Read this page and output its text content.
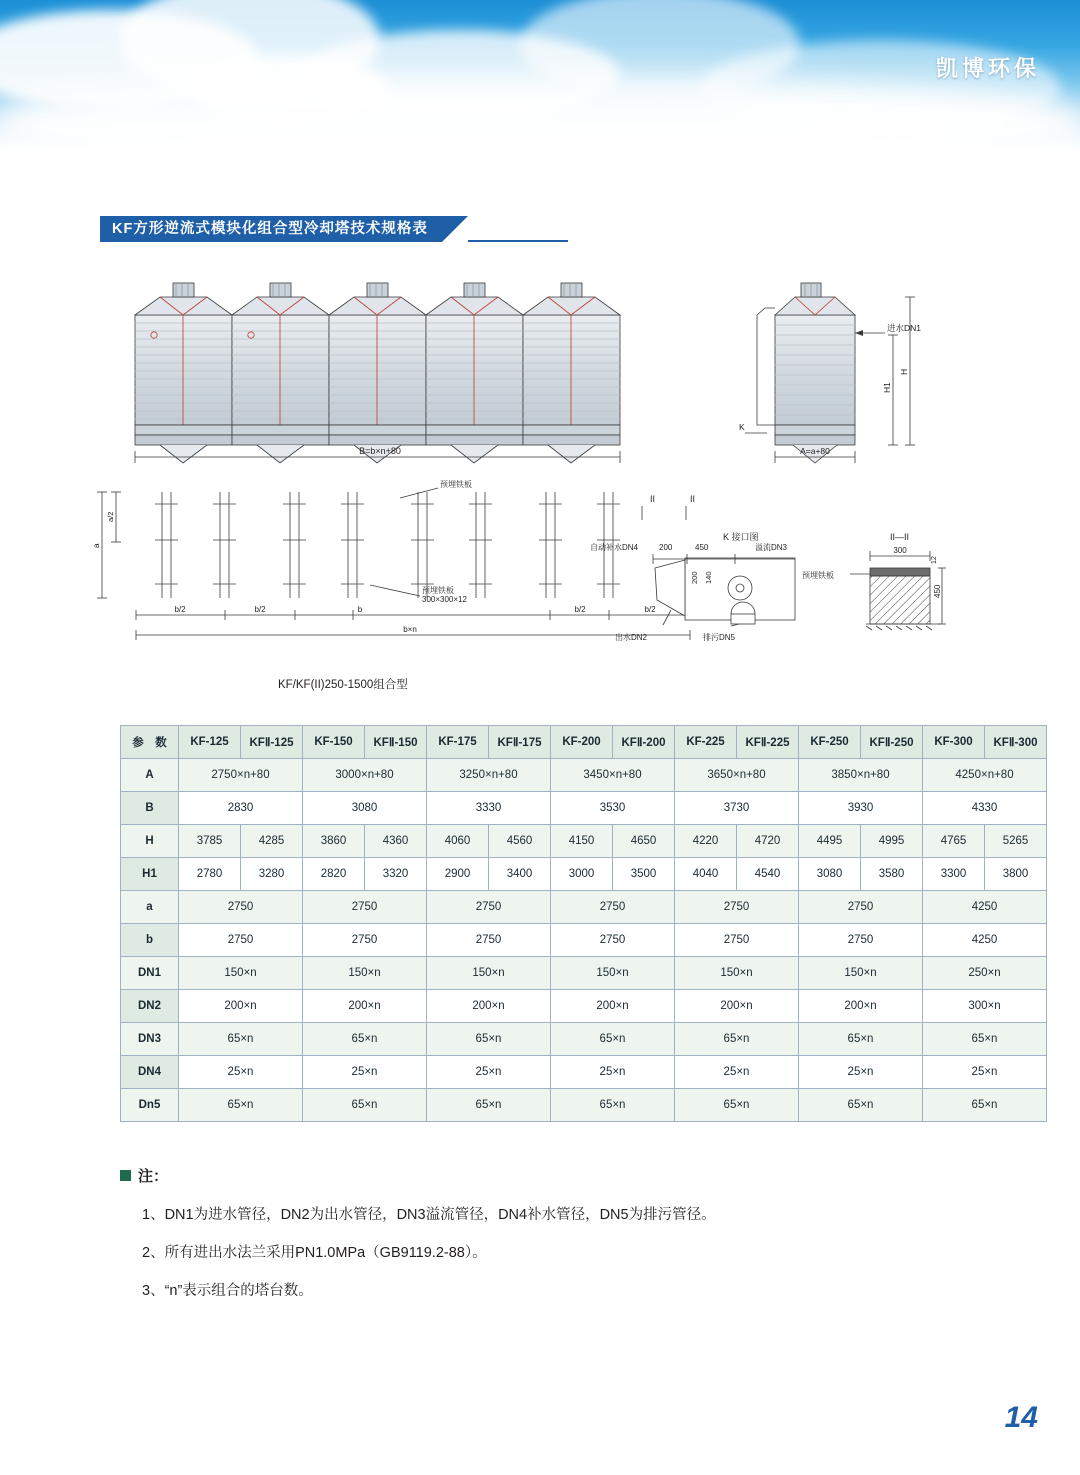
凯博环保
KF方形逆流式模块化组合型冷却塔技术规格表
B=b×n+80
进水DN1
H
H1
A=a+80
K
预埋铁板
预埋铁板
300×300×12
II	II
a
a/2
b/2	b/2	b	b/2	b/2
b×n
K 接口图
自动补水DN4	200	450	溢流DN3
200 140
出水DN2	排污DN5
II—II
300
450
12
预埋铁板
KF/KF(II)250-1500组合型
参　数	KF-125	KFⅡ-125	KF-150	KFⅡ-150	KF-175	KFⅡ-175	KF-200	KFⅡ-200	KF-225	KFⅡ-225	KF-250	KFⅡ-250	KF-300	KFⅡ-300
A	2750×n+80		3000×n+80		3250×n+80		3450×n+80		3650×n+80		3850×n+80		4250×n+80	
B	2830		3080		3330		3530		3730		3930		4330	
H	3785	4285	3860	4360	4060	4560	4150	4650	4220	4720	4495	4995	4765	5265
H1	2780	3280	2820	3320	2900	3400	3000	3500	4040	4540	3080	3580	3300	3800
a	2750		2750		2750		2750		2750		2750		4250	
b	2750		2750		2750		2750		2750		2750		4250	
DN1	150×n		150×n		150×n		150×n		150×n		150×n		250×n	
DN2	200×n		200×n		200×n		200×n		200×n		200×n		300×n	
DN3	65×n		65×n		65×n		65×n		65×n		65×n		65×n	
DN4	25×n		25×n		25×n		25×n		25×n		25×n		25×n	
Dn5	65×n		65×n		65×n		65×n		65×n		65×n		65×n	
注：
1、DN1为进水管径，DN2为出水管径，DN3溢流管径，DN4补水管径，DN5为排污管径。
2、所有进出水法兰采用PN1.0MPa（GB9119.2-88）。
3、“n”表示组合的塔台数。
14
